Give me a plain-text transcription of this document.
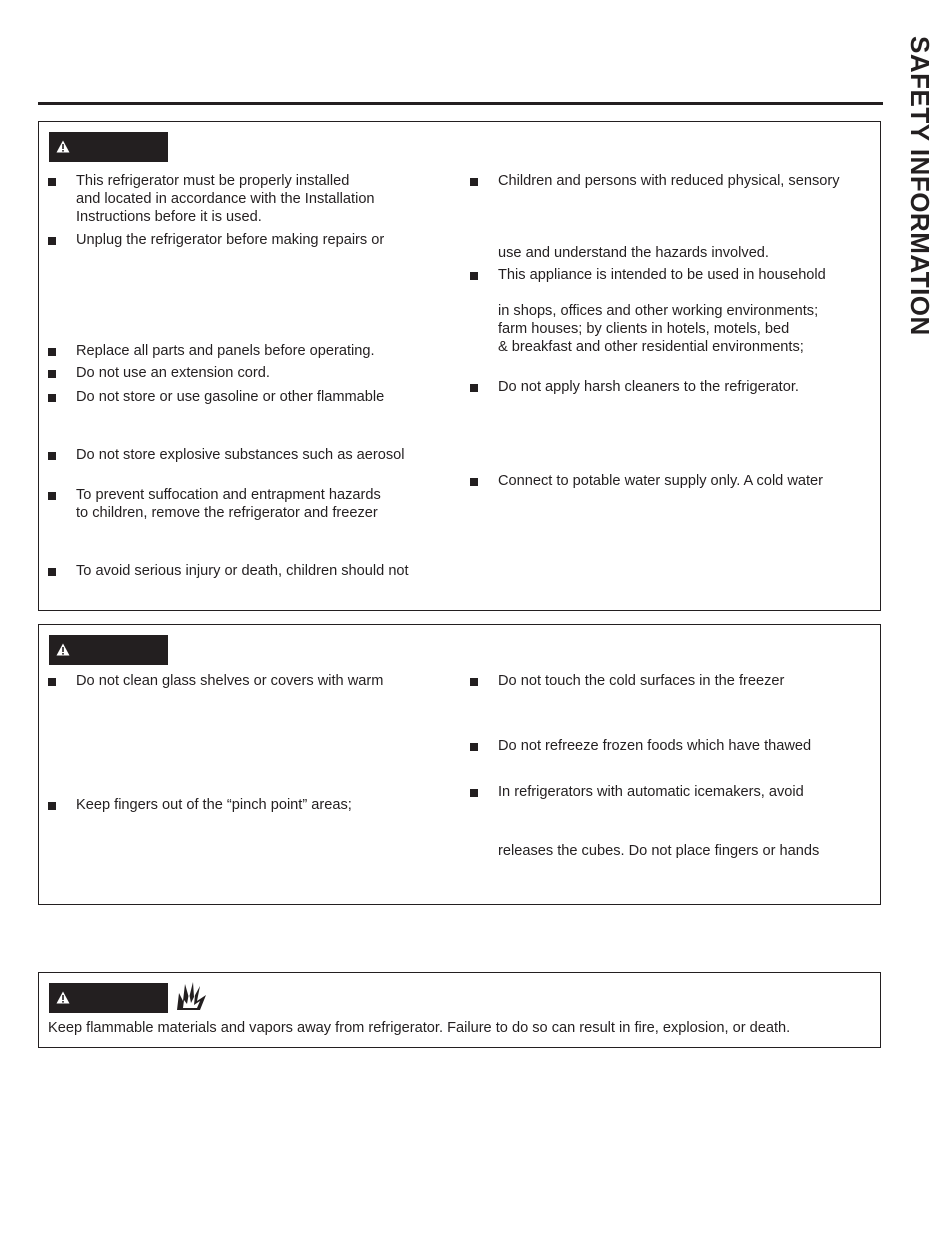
SAFETY INFORMATION
This refrigerator must be properly installed
and located in accordance with the Installation
Instructions before it is used.
Unplug the refrigerator before making repairs or
Replace all parts and panels before operating.
Do not use an extension cord.
Do not store or use gasoline or other flammable
Do not store explosive substances such as aerosol
To prevent suffocation and entrapment hazards
to children, remove the refrigerator and freezer
To avoid serious injury or death, children should not
Children and persons with reduced physical, sensory
use and understand the hazards involved.
This appliance is intended to be used in household
in shops, offices and other working environments;
farm houses; by clients in hotels, motels, bed
& breakfast and other residential environments;
Do not apply harsh cleaners to the refrigerator.
Connect to potable water supply only. A cold water
Do not clean glass shelves or covers with warm
Keep fingers out of the “pinch point” areas;
Do not touch the cold surfaces in the freezer
Do not refreeze frozen foods which have thawed
In refrigerators with automatic icemakers, avoid
releases the cubes. Do not place fingers or hands
Keep flammable materials and vapors away from refrigerator. Failure to do so can result in fire, explosion, or death.
